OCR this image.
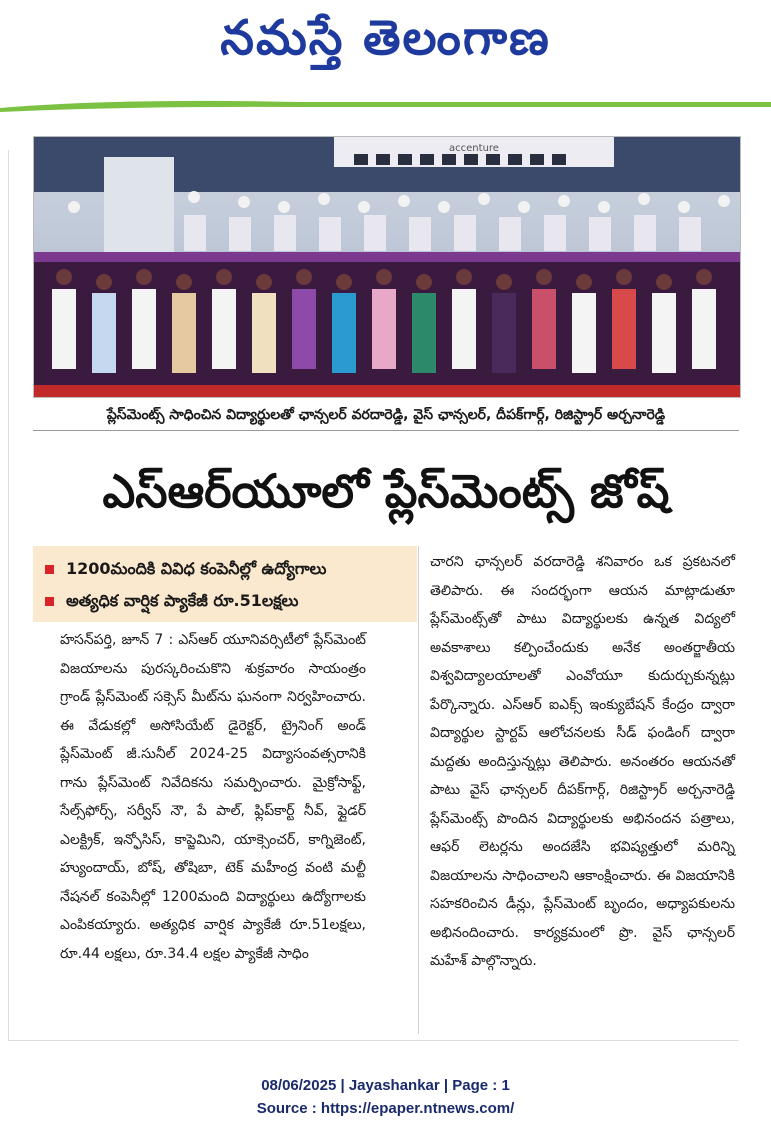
నమస్తే తెలంగాణ
accenture
ప్లేస్‌మెంట్స్ సాధించిన విద్యార్థులతో ఛాన్సలర్ వరదారెడ్డి, వైస్ ఛాన్సలర్, దీపక్‌గార్గ్, రిజిస్ట్రార్ అర్చనారెడ్డి
ఎస్‌ఆర్‌యూలో ప్లేస్‌మెంట్స్ జోష్
1200మందికి వివిధ కంపెనీల్లో ఉద్యోగాలు
అత్యధిక వార్షిక ప్యాకేజీ రూ.51లక్షలు

హసన్‌పర్తి, జూన్ 7 : ఎస్‌ఆర్ యూనివర్సిటీలో ప్లేస్‌మెంట్ విజయాలను పురస్కరించుకొని శుక్రవారం సాయంత్రం గ్రాండ్ ప్లేస్‌మెంట్ సక్సెస్ మీట్‌ను ఘనంగా నిర్వహించారు. ఈ వేడుకల్లో అసోసియేట్ డైరెక్టర్, ట్రైనింగ్ అండ్ ప్లేస్‌మెంట్ జీ.సునీల్ 2024-25 విద్యాసంవత్సరానికి గాను ప్లేస్‌మెంట్ నివేదికను సమర్పించారు. మైక్రోసాఫ్ట్, సేల్స్‌ఫోర్స్, సర్వీస్ నౌ, పే పాల్, ఫ్లిప్‌కార్ట్ నీవ్, ఫ్లైడర్ ఎలక్ట్రిక్, ఇన్ఫోసిస్, కాప్జెమిని, యాక్సెంచర్, కాగ్నిజెంట్, హ్యుందాయ్, బోష్, తోషిబా, టెక్ మహీంద్ర వంటి మల్టీ నేషనల్ కంపెనీల్లో 1200మంది విద్యార్థులు ఉద్యోగాలకు ఎంపికయ్యారు. అత్యధిక వార్షిక ప్యాకేజీ రూ.51లక్షలు, రూ.44 లక్షలు, రూ.34.4 లక్షల ప్యాకేజీ సాధిం

చారని ఛాన్సలర్ వరదారెడ్డి శనివారం ఒక ప్రకటనలో తెలిపారు. ఈ సందర్భంగా ఆయన మాట్లాడుతూ ప్లేస్‌మెంట్స్‌తో పాటు విద్యార్థులకు ఉన్నత విద్యలో అవకాశాలు కల్పించేందుకు అనేక అంతర్జాతీయ విశ్వవిద్యాలయాలతో ఎంవోయూ కుదుర్చుకున్నట్లు పేర్కొన్నారు. ఎస్‌ఆర్ ఐఎక్స్ ఇంక్యుబేషన్ కేంద్రం ద్వారా విద్యార్థుల స్టార్టప్ ఆలోచనలకు సీడ్ ఫండింగ్ ద్వారా మద్దతు అందిస్తున్నట్లు తెలిపారు. అనంతరం ఆయనతో పాటు వైస్ ఛాన్సలర్ దీపక్‌గార్గ్, రిజిస్ట్రార్ అర్చనారెడ్డి ప్లేస్‌మెంట్స్ పొందిన విద్యార్థులకు అభినందన పత్రాలు, ఆఫర్ లెటర్లను అందజేసి భవిష్యత్తులో మరిన్ని విజయాలను సాధించాలని ఆకాంక్షించారు. ఈ విజయానికి సహకరించిన డీన్లు, ప్లేస్‌మెంట్ బృందం, అధ్యాపకులను అభినందించారు. కార్యక్రమంలో ప్రొ. వైస్ ఛాన్సలర్ మహేశ్ పాల్గొన్నారు.

08/06/2025 | Jayashankar | Page : 1
Source : https://epaper.ntnews.com/
